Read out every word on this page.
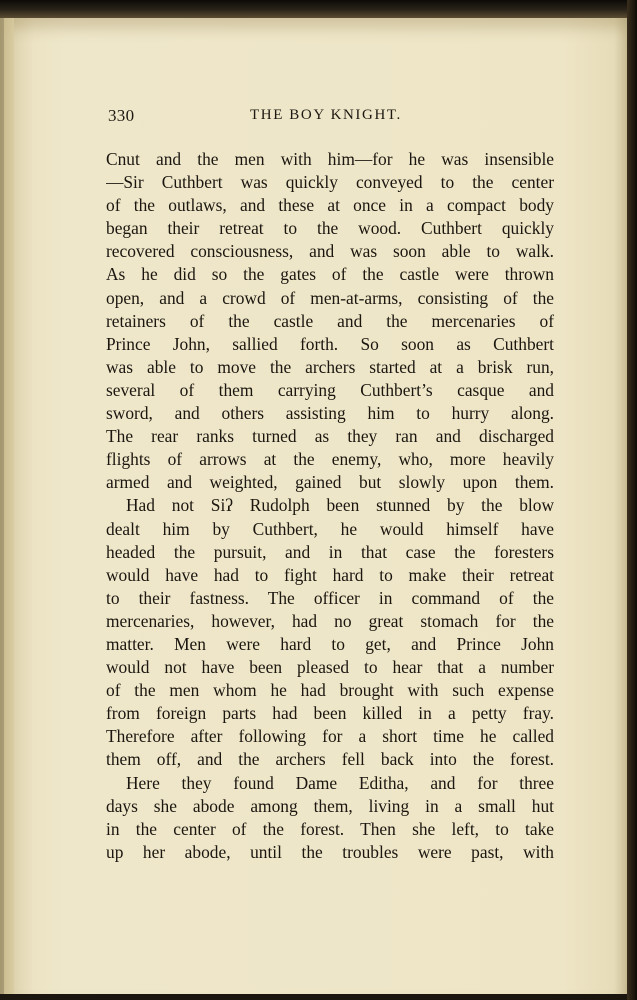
330	THE BOY KNIGHT.
Cnut and the men with him—for he was insensible
—Sir Cuthbert was quickly conveyed to the center
of the outlaws, and these at once in a compact body
began their retreat to the wood. Cuthbert quickly
recovered consciousness, and was soon able to walk.
As he did so the gates of the castle were thrown
open, and a crowd of men-at-arms, consisting of the
retainers of the castle and the mercenaries of
Prince John, sallied forth. So soon as Cuthbert
was able to move the archers started at a brisk run,
several of them carrying Cuthbert’s casque and
sword, and others assisting him to hurry along.
The rear ranks turned as they ran and discharged
flights of arrows at the enemy, who, more heavily
armed and weighted, gained but slowly upon them.
Had not Siʔ Rudolph been stunned by the blow
dealt him by Cuthbert, he would himself have
headed the pursuit, and in that case the foresters
would have had to fight hard to make their retreat
to their fastness. The officer in command of the
mercenaries, however, had no great stomach for the
matter. Men were hard to get, and Prince John
would not have been pleased to hear that a number
of the men whom he had brought with such expense
from foreign parts had been killed in a petty fray.
Therefore after following for a short time he called
them off, and the archers fell back into the forest.
Here they found Dame Editha, and for three
days she abode among them, living in a small hut
in the center of the forest. Then she left, to take
up her abode, until the troubles were past, with
